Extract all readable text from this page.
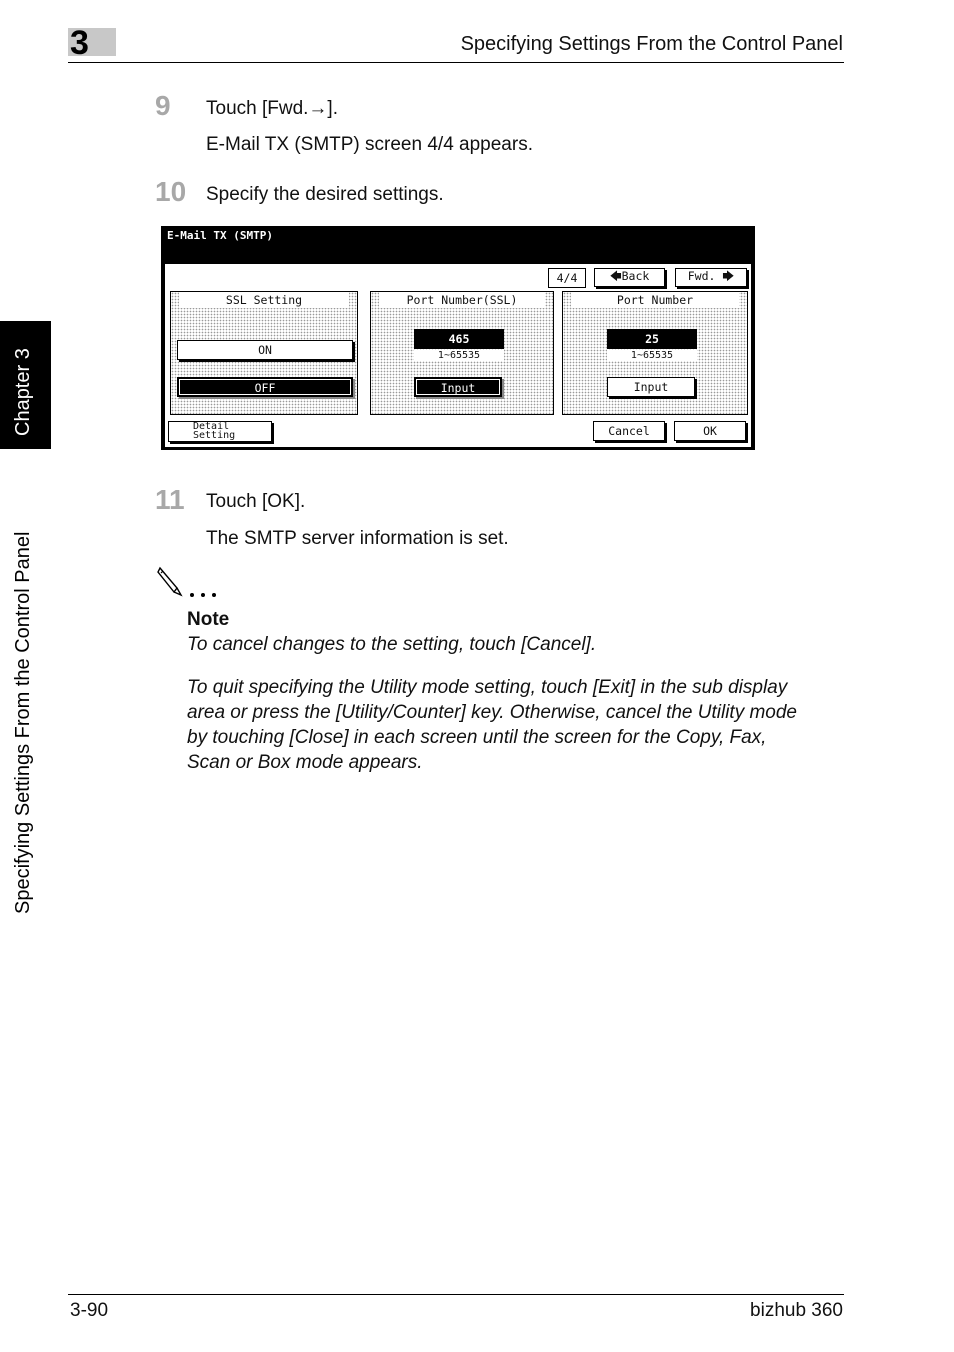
3	Specifying Settings From the Control Panel
Chapter 3
Specifying Settings From the Control Panel
9 Touch [Fwd.→].
E-Mail TX (SMTP) screen 4/4 appears.
10 Specify the desired settings.
E-Mail TX (SMTP)
4/4	🡄Back	Fwd. 🡆
SSL Setting
ON
OFF
Port Number(SSL)
465
1~65535
Input
Port Number
25
1~65535
Input
Detail
Setting	Cancel	OK
11 Touch [OK].
The SMTP server information is set.
Note
To cancel changes to the setting, touch [Cancel].
To quit specifying the Utility mode setting, touch [Exit] in the sub display
area or press the [Utility/Counter] key. Otherwise, cancel the Utility mode
by touching [Close] in each screen until the screen for the Copy, Fax,
Scan or Box mode appears.
3-90	bizhub 360
